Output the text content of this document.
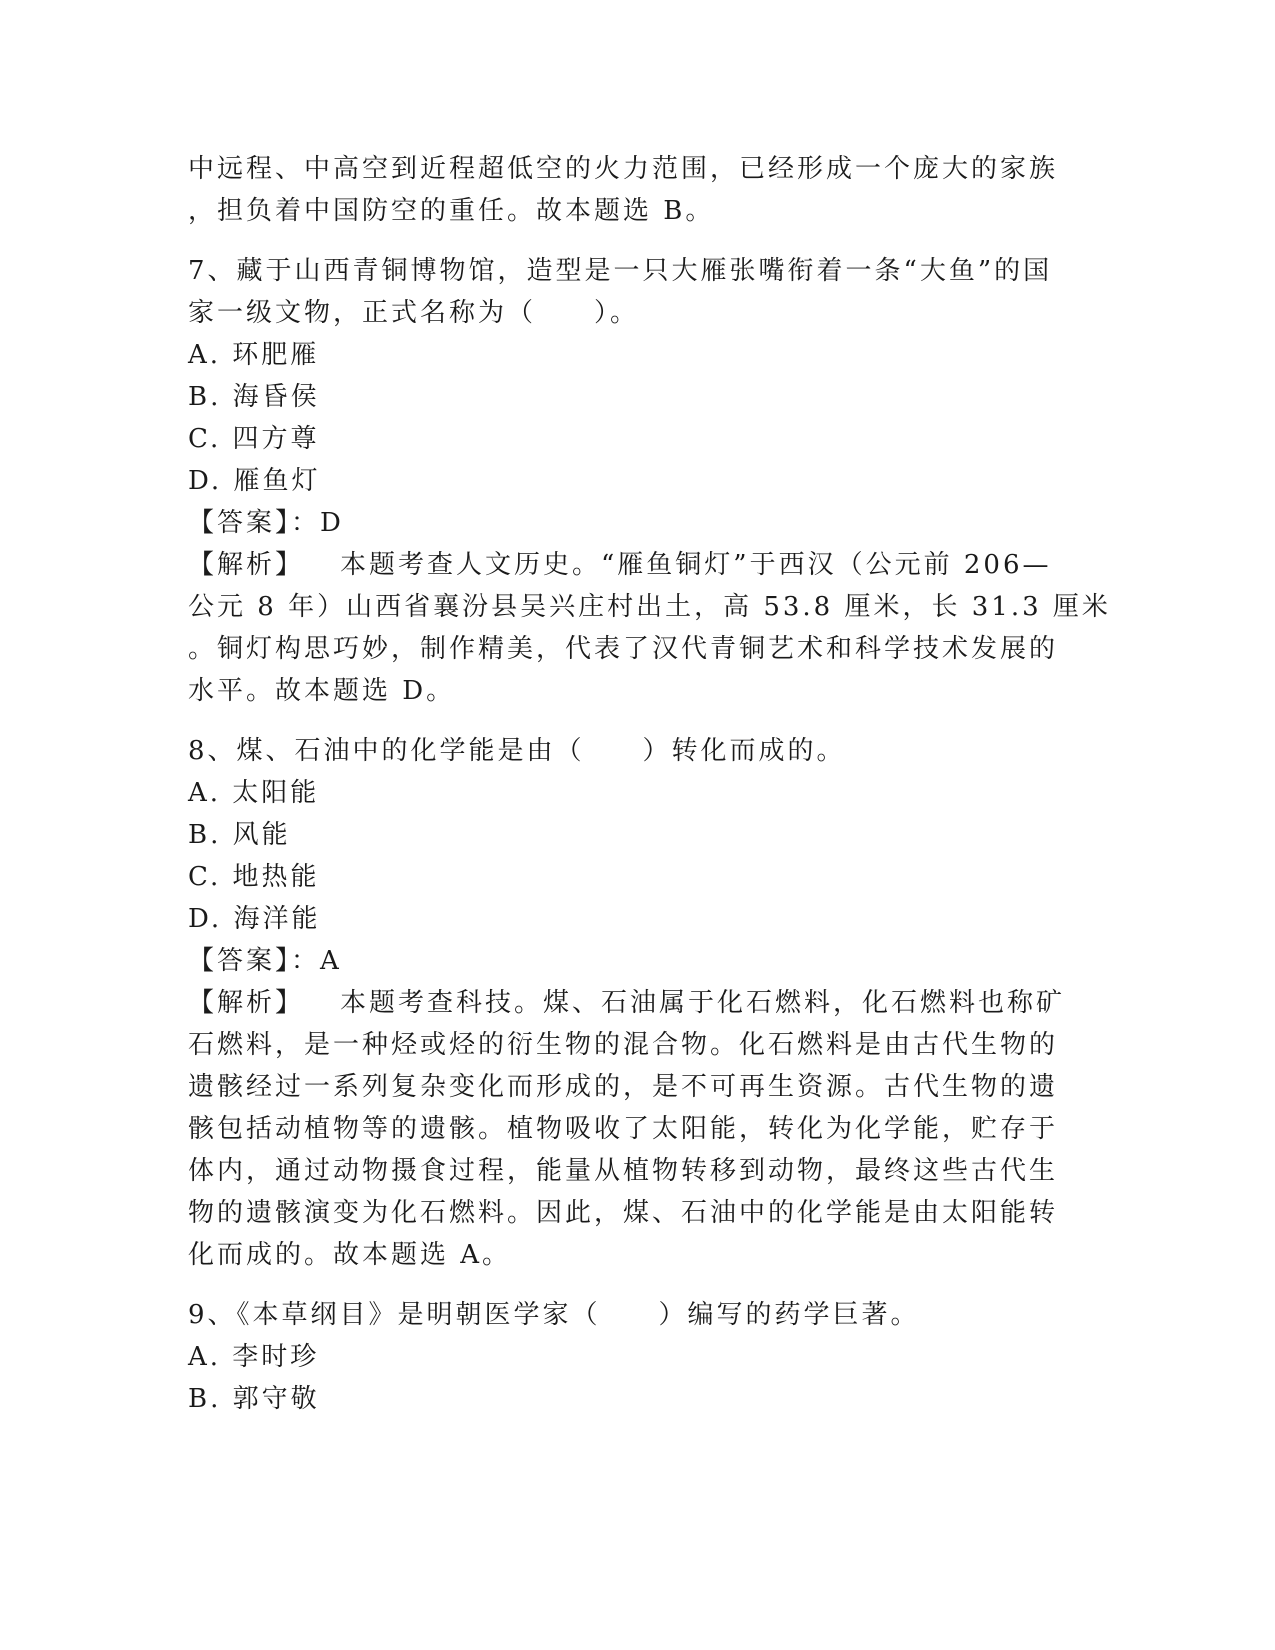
中远程、中高空到近程超低空的火力范围，已经形成一个庞大的家族
，担负着中国防空的重任。故本题选 B。
7、藏于山西青铜博物馆，造型是一只大雁张嘴衔着一条“大鱼”的国
家一级文物，正式名称为（　　）。
A. 环肥雁
B. 海昏侯
C. 四方尊
D. 雁鱼灯
【答案】：D
【解析】 本题考查人文历史。“雁鱼铜灯”于西汉（公元前 206—
公元 8 年）山西省襄汾县吴兴庄村出土，高 53.8 厘米，长 31.3 厘米
。铜灯构思巧妙，制作精美，代表了汉代青铜艺术和科学技术发展的
水平。故本题选 D。
8、煤、石油中的化学能是由（　　）转化而成的。
A. 太阳能
B. 风能
C. 地热能
D. 海洋能
【答案】：A
【解析】 本题考查科技。煤、石油属于化石燃料，化石燃料也称矿
石燃料，是一种烃或烃的衍生物的混合物。化石燃料是由古代生物的
遗骸经过一系列复杂变化而形成的，是不可再生资源。古代生物的遗
骸包括动植物等的遗骸。植物吸收了太阳能，转化为化学能，贮存于
体内，通过动物摄食过程，能量从植物转移到动物，最终这些古代生
物的遗骸演变为化石燃料。因此，煤、石油中的化学能是由太阳能转
化而成的。故本题选 A。
9、《本草纲目》是明朝医学家（　　）编写的药学巨著。
A. 李时珍
B. 郭守敬
